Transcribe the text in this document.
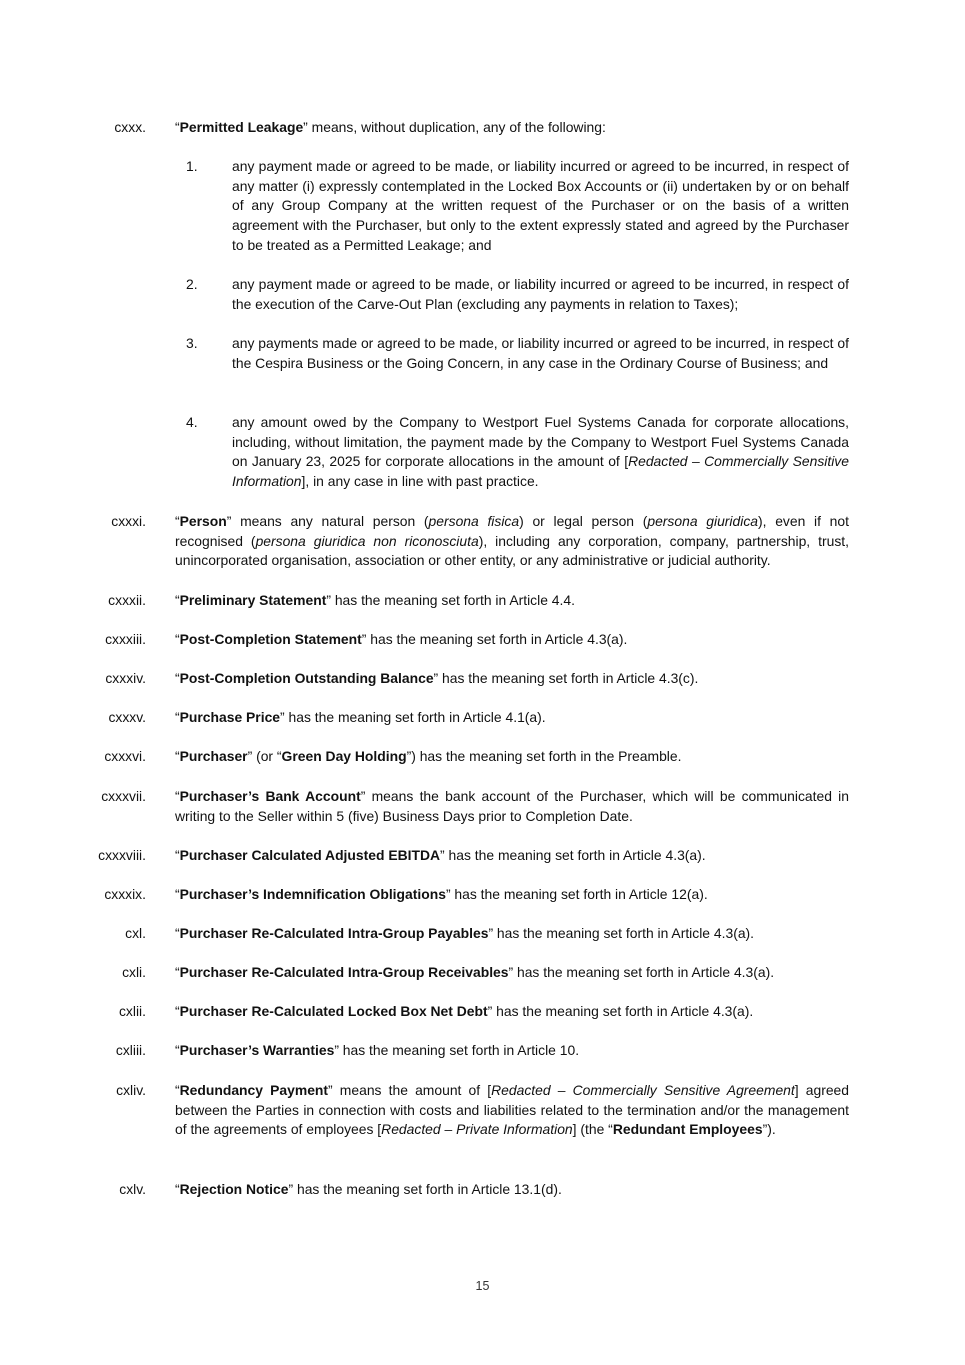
cxxx. “Permitted Leakage” means, without duplication, any of the following:
1.	any payment made or agreed to be made, or liability incurred or agreed to be incurred, in respect of any matter (i) expressly contemplated in the Locked Box Accounts or (ii) undertaken by or on behalf of any Group Company at the written request of the Purchaser or on the basis of a written agreement with the Purchaser, but only to the extent expressly stated and agreed by the Purchaser to be treated as a Permitted Leakage; and
2.	any payment made or agreed to be made, or liability incurred or agreed to be incurred, in respect of the execution of the Carve-Out Plan (excluding any payments in relation to Taxes);
3.	any payments made or agreed to be made, or liability incurred or agreed to be incurred, in respect of the Cespira Business or the Going Concern, in any case in the Ordinary Course of Business; and
4.	any amount owed by the Company to Westport Fuel Systems Canada for corporate allocations, including, without limitation, the payment made by the Company to Westport Fuel Systems Canada on January 23, 2025 for corporate allocations in the amount of [Redacted – Commercially Sensitive Information], in any case in line with past practice.
cxxxi. “Person” means any natural person (persona fisica) or legal person (persona giuridica), even if not recognised (persona giuridica non riconosciuta), including any corporation, company, partnership, trust, unincorporated organisation, association or other entity, or any administrative or judicial authority.
cxxxii. “Preliminary Statement” has the meaning set forth in Article 4.4.
cxxxiii. “Post-Completion Statement” has the meaning set forth in Article 4.3(a).
cxxxiv. “Post-Completion Outstanding Balance” has the meaning set forth in Article 4.3(c).
cxxxv. “Purchase Price” has the meaning set forth in Article 4.1(a).
cxxxvi. “Purchaser” (or “Green Day Holding”) has the meaning set forth in the Preamble.
cxxxvii. “Purchaser’s Bank Account” means the bank account of the Purchaser, which will be communicated in writing to the Seller within 5 (five) Business Days prior to Completion Date.
cxxxviii. “Purchaser Calculated Adjusted EBITDA” has the meaning set forth in Article 4.3(a).
cxxxix. “Purchaser’s Indemnification Obligations” has the meaning set forth in Article 12(a).
cxl. “Purchaser Re-Calculated Intra-Group Payables” has the meaning set forth in Article 4.3(a).
cxli. “Purchaser Re-Calculated Intra-Group Receivables” has the meaning set forth in Article 4.3(a).
cxlii. “Purchaser Re-Calculated Locked Box Net Debt” has the meaning set forth in Article 4.3(a).
cxliii. “Purchaser’s Warranties” has the meaning set forth in Article 10.
cxliv. “Redundancy Payment” means the amount of [Redacted – Commercially Sensitive Agreement] agreed between the Parties in connection with costs and liabilities related to the termination and/or the management of the agreements of employees [Redacted – Private Information] (the “Redundant Employees”).
cxlv. “Rejection Notice” has the meaning set forth in Article 13.1(d).
15
